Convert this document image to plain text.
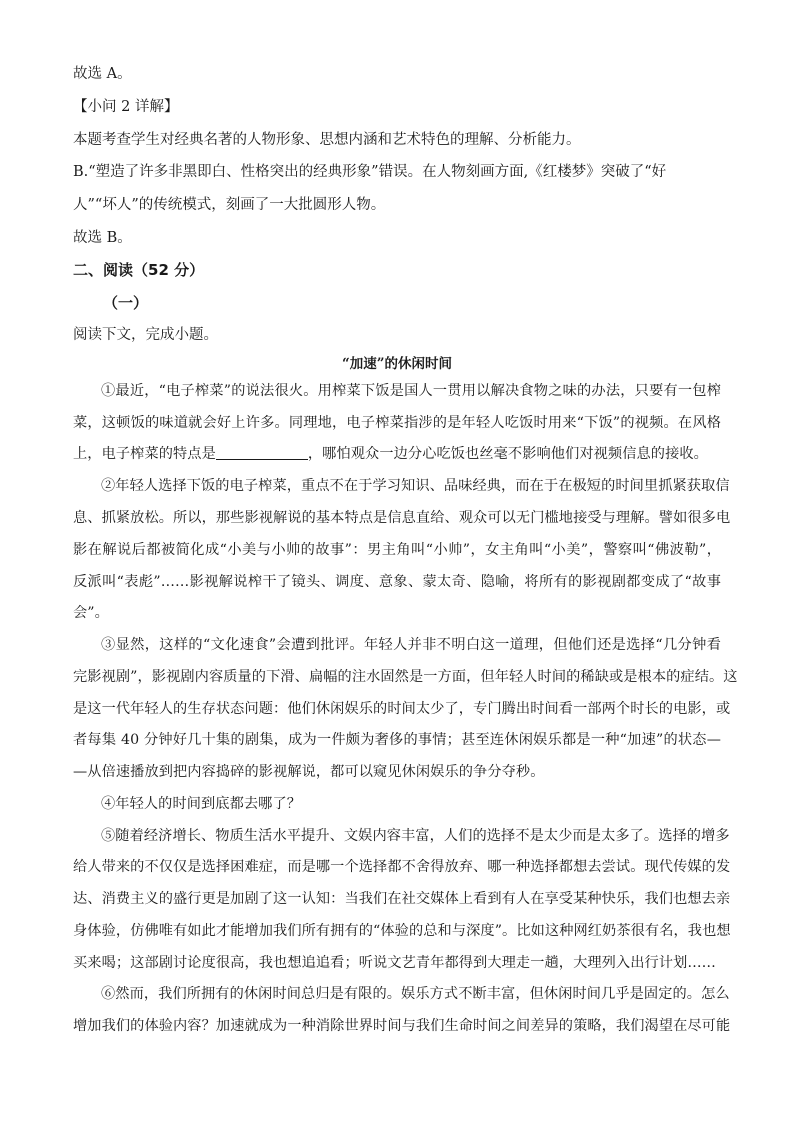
故选 A。
【小问 2 详解】
本题考查学生对经典名著的人物形象、思想内涵和艺术特色的理解、分析能力。
B.“塑造了许多非黑即白、性格突出的经典形象”错误。在人物刻画方面,《红楼梦》突破了“好
人”“坏人”的传统模式，刻画了一大批圆形人物。
故选 B。
二、阅读（52 分）
（一）
阅读下文，完成小题。
“加速”的休闲时间
①最近，“电子榨菜”的说法很火。用榨菜下饭是国人一贯用以解决食物之味的办法，只要有一包榨
菜，这顿饭的味道就会好上许多。同理地，电子榨菜指涉的是年轻人吃饭时用来“下饭”的视频。在风格
上，电子榨菜的特点是	，哪怕观众一边分心吃饭也丝毫不影响他们对视频信息的接收。
②年轻人选择下饭的电子榨菜，重点不在于学习知识、品味经典，而在于在极短的时间里抓紧获取信
息、抓紧放松。所以，那些影视解说的基本特点是信息直给、观众可以无门槛地接受与理解。譬如很多电
影在解说后都被简化成“小美与小帅的故事”：男主角叫“小帅”，女主角叫“小美”，警察叫“佛波勒”，
反派叫“表彪”……影视解说榨干了镜头、调度、意象、蒙太奇、隐喻，将所有的影视剧都变成了“故事
会”。
③显然，这样的“文化速食”会遭到批评。年轻人并非不明白这一道理，但他们还是选择“几分钟看
完影视剧”，影视剧内容质量的下滑、扁幅的注水固然是一方面，但年轻人时间的稀缺或是根本的症结。这
是这一代年轻人的生存状态问题：他们休闲娱乐的时间太少了，专门腾出时间看一部两个时长的电影，或
者每集 40 分钟好几十集的剧集，成为一件颇为奢侈的事情；甚至连休闲娱乐都是一种“加速”的状态—
—从倍速播放到把内容捣碎的影视解说，都可以窥见休闲娱乐的争分夺秒。
④年轻人的时间到底都去哪了？
⑤随着经济增长、物质生活水平提升、文娱内容丰富，人们的选择不是太少而是太多了。选择的增多
给人带来的不仅仅是选择困难症，而是哪一个选择都不舍得放弃、哪一种选择都想去尝试。现代传媒的发
达、消费主义的盛行更是加剧了这一认知：当我们在社交媒体上看到有人在享受某种快乐，我们也想去亲
身体验，仿佛唯有如此才能增加我们所有拥有的“体验的总和与深度”。比如这种网红奶茶很有名，我也想
买来喝；这部剧讨论度很高，我也想追追看；听说文艺青年都得到大理走一趟，大理列入出行计划……
⑥然而，我们所拥有的休闲时间总归是有限的。娱乐方式不断丰富，但休闲时间几乎是固定的。怎么
增加我们的体验内容？加速就成为一种消除世界时间与我们生命时间之间差异的策略，我们渴望在尽可能
